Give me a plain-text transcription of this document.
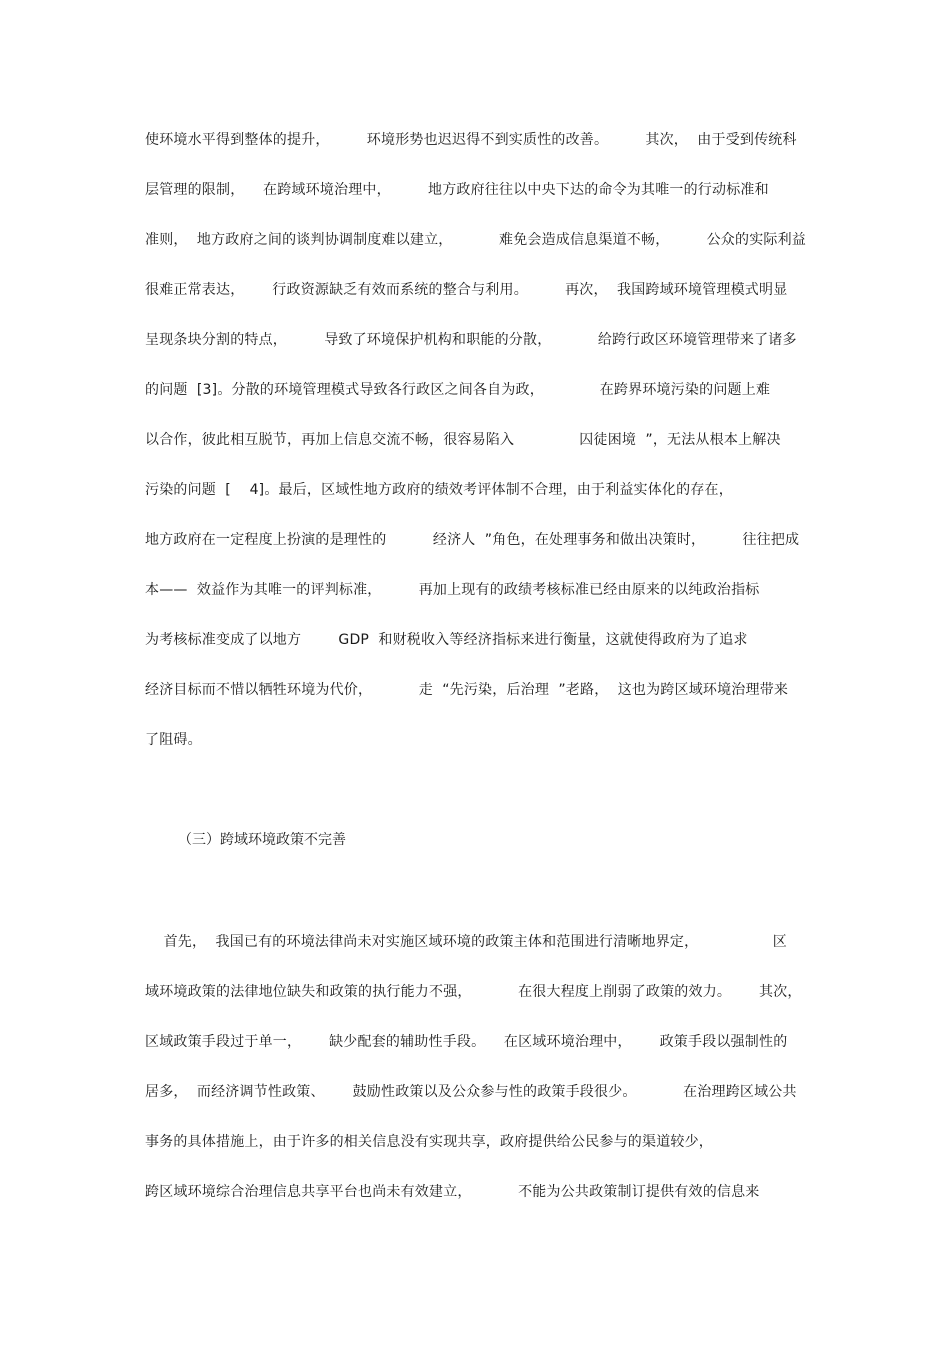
使环境水平得到整体的提升，        环境形势也迟迟得不到实质性的改善。        其次，  由于受到传统科
层管理的限制，    在跨域环境治理中，        地方政府往往以中央下达的命令为其唯一的行动标准和
准则，  地方政府之间的谈判协调制度难以建立，          难免会造成信息渠道不畅，        公众的实际利益
很难正常表达，      行政资源缺乏有效而系统的整合与利用。        再次，  我国跨域环境管理模式明显
呈现条块分割的特点，        导致了环境保护机构和职能的分散，          给跨行政区环境管理带来了诸多
的问题  [3]。分散的环境管理模式导致各行政区之间各自为政，            在跨界环境污染的问题上难
以合作，彼此相互脱节，再加上信息交流不畅，很容易陷入              囚徒困境  ”，无法从根本上解决
污染的问题  [    4]。最后，区域性地方政府的绩效考评体制不合理，由于利益实体化的存在，
地方政府在一定程度上扮演的是理性的          经济人  ”角色，在处理事务和做出决策时，        往往把成
本——  效益作为其唯一的评判标准，        再加上现有的政绩考核标准已经由原来的以纯政治指标
为考核标准变成了以地方        GDP  和财税收入等经济指标来进行衡量，这就使得政府为了追求
经济目标而不惜以牺牲环境为代价，          走  “先污染，后治理  ”老路，  这也为跨区域环境治理带来
了阻碍。
（三）跨域环境政策不完善
首先，  我国已有的环境法律尚未对实施区域环境的政策主体和范围进行清晰地界定，                区
域环境政策的法律地位缺失和政策的执行能力不强，          在很大程度上削弱了政策的效力。      其次，
区域政策手段过于单一，      缺少配套的辅助性手段。    在区域环境治理中，      政策手段以强制性的
居多，  而经济调节性政策、      鼓励性政策以及公众参与性的政策手段很少。          在治理跨区域公共
事务的具体措施上，由于许多的相关信息没有实现共享，政府提供给公民参与的渠道较少，
跨区域环境综合治理信息共享平台也尚未有效建立，          不能为公共政策制订提供有效的信息来
